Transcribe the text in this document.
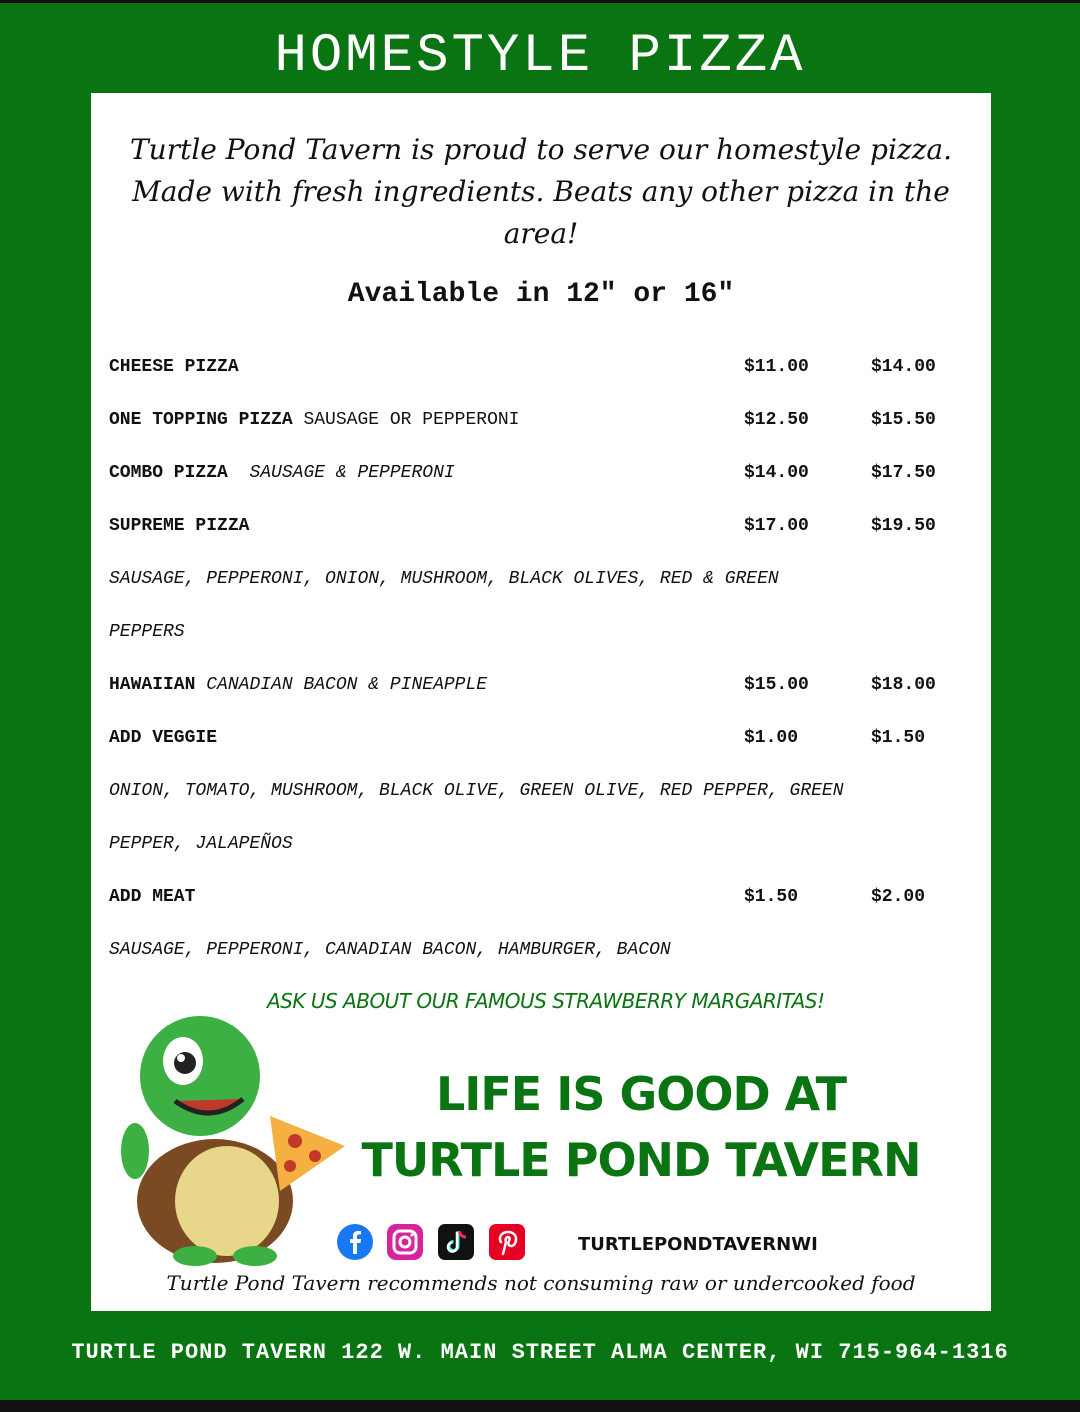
HOMESTYLE PIZZA
Turtle Pond Tavern is proud to serve our homestyle pizza.
Made with fresh ingredients. Beats any other pizza in the area!
Available in 12" or 16"
CHEESE PIZZA	$11.00	$14.00
ONE TOPPING PIZZA SAUSAGE OR PEPPERONI	$12.50	$15.50
COMBO PIZZA SAUSAGE & PEPPERONI	$14.00	$17.50
SUPREME PIZZA	$17.00	$19.50
SAUSAGE, PEPPERONI, ONION, MUSHROOM, BLACK OLIVES, RED & GREEN
PEPPERS
HAWAIIAN CANADIAN BACON & PINEAPPLE	$15.00	$18.00
ADD VEGGIE	$1.00	$1.50
ONION, TOMATO, MUSHROOM, BLACK OLIVE, GREEN OLIVE, RED PEPPER, GREEN
PEPPER, JALAPEÑOS
ADD MEAT	$1.50	$2.00
SAUSAGE, PEPPERONI, CANADIAN BACON, HAMBURGER, BACON
ASK US ABOUT OUR FAMOUS STRAWBERRY MARGARITAS!
LIFE IS GOOD AT
TURTLE POND TAVERN
TURTLEPONDTAVERNWI
Turtle Pond Tavern recommends not consuming raw or undercooked food
TURTLE POND TAVERN 122 W. MAIN STREET ALMA CENTER, WI 715-964-1316
